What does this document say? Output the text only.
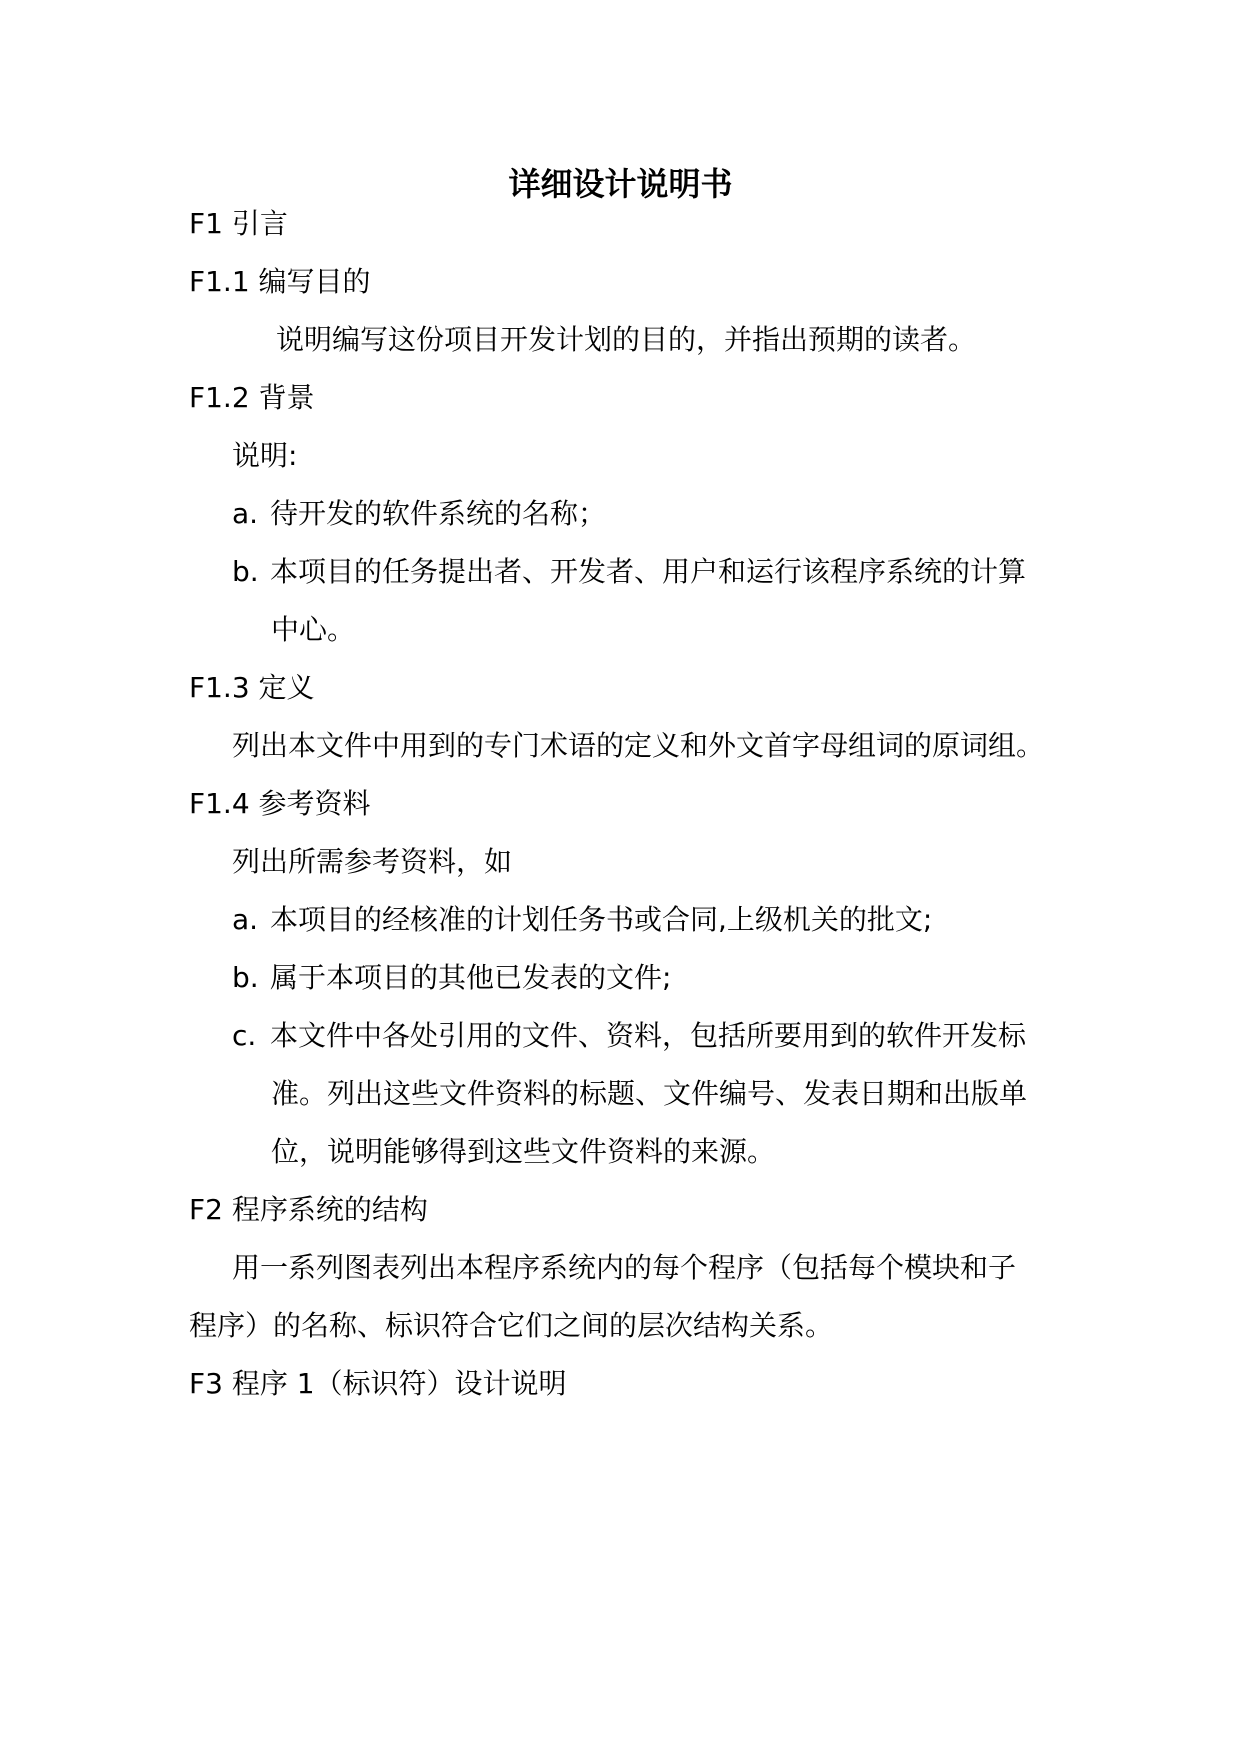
详细设计说明书
F1 引言
F1.1 编写目的
说明编写这份项目开发计划的目的，并指出预期的读者。
F1.2 背景
说明:
a. 待开发的软件系统的名称；
b. 本项目的任务提出者、开发者、用户和运行该程序系统的计算
中心。
F1.3 定义
列出本文件中用到的专门术语的定义和外文首字母组词的原词组。
F1.4 参考资料
列出所需参考资料，如
a. 本项目的经核准的计划任务书或合同,上级机关的批文;
b. 属于本项目的其他已发表的文件;
c. 本文件中各处引用的文件、资料，包括所要用到的软件开发标
准。列出这些文件资料的标题、文件编号、发表日期和出版单
位，说明能够得到这些文件资料的来源。
F2 程序系统的结构
用一系列图表列出本程序系统内的每个程序（包括每个模块和子
程序）的名称、标识符合它们之间的层次结构关系。
F3 程序 1（标识符）设计说明
